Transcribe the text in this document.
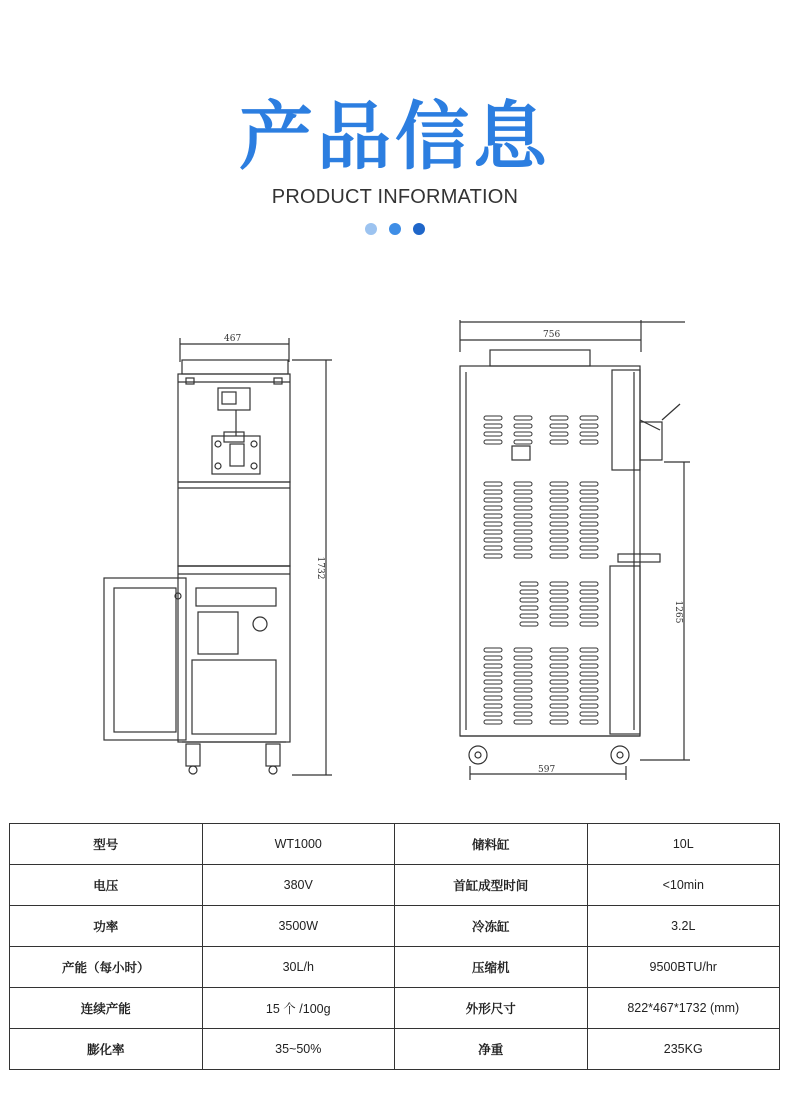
产品信息
PRODUCT INFORMATION
467
1732
756
597
1265
型号	WT1000	储料缸	10L
电压	380V	首缸成型时间	<10min
功率	3500W	冷冻缸	3.2L
产能（每小时）	30L/h	压缩机	9500BTU/hr
连续产能	15 个 /100g	外形尺寸	822*467*1732 (mm)
膨化率	35~50%	净重	235KG
